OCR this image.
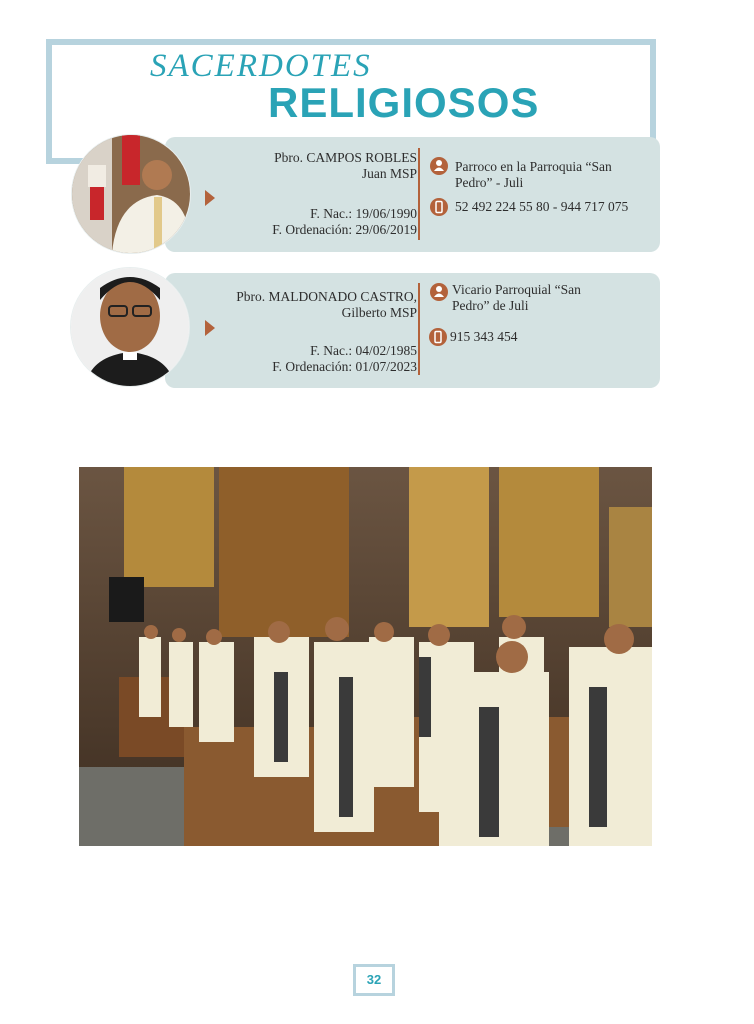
SACERDOTES
RELIGIOSOS
Pbro. CAMPOS ROBLES
Juan MSP
F. Nac.: 19/06/1990
F. Ordenación: 29/06/2019
Parroco en la Parroquia “San
Pedro” - Juli
52 492 224 55 80 - 944 717 075
Pbro. MALDONADO CASTRO,
Gilberto MSP
F. Nac.: 04/02/1985
F. Ordenación: 01/07/2023
Vicario Parroquial “San
Pedro” de Juli
915 343 454
32
